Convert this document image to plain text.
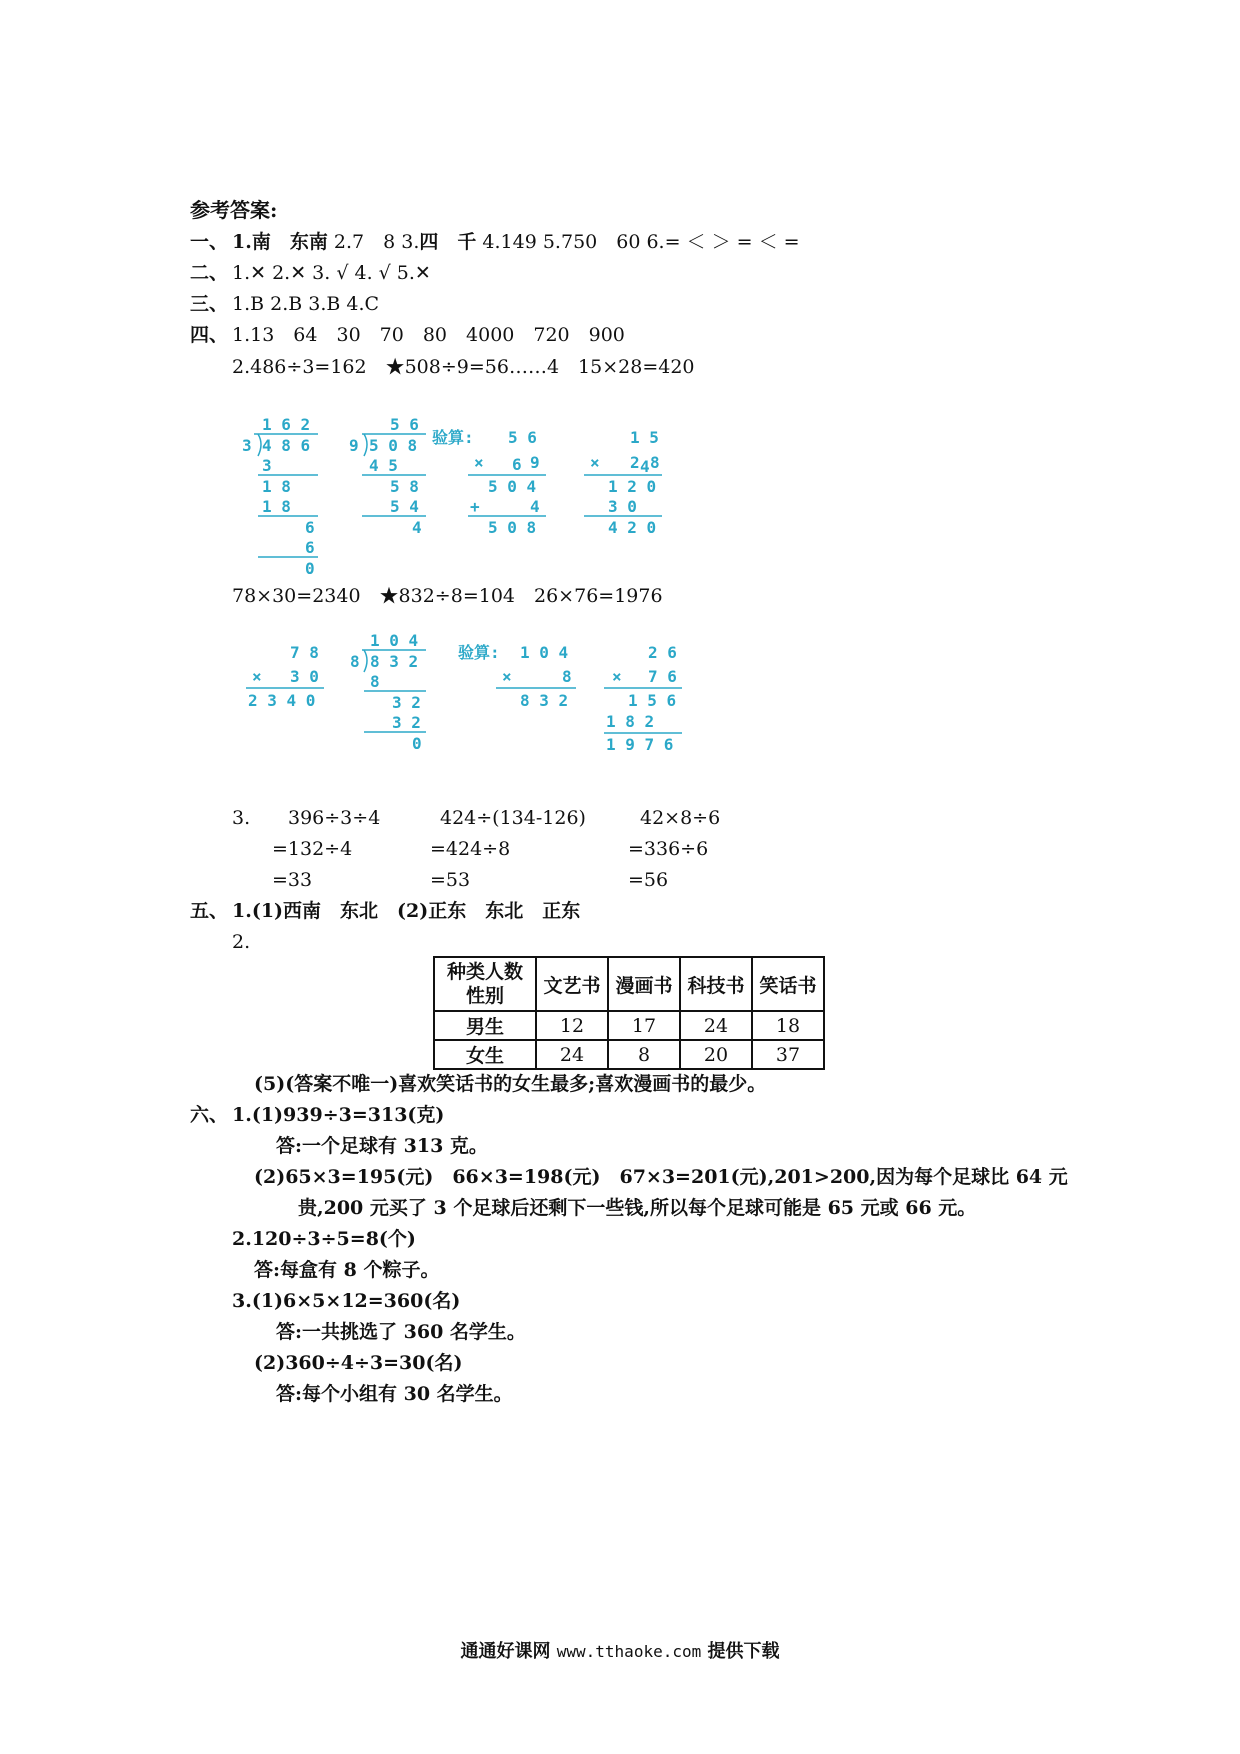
参考答案:
一、 1.南　东南 2.7　8 3.四　千 4.149 5.750　60 6.= ＜ ＞ = ＜ =
二、 1.✕ 2.✕ 3. √ 4. √ 5.✕
三、 1.B 2.B 3.B 4.C
四、 1.13　64　30　70　80　4000　720　900
2.486÷3=162　★508÷9=56……4　15×28=420
1 6 2
3 4 8 6
3
1 8
1 8
6
6
0
5 6
9 5 0 8
4 5
5 8
5 4
4
验算: 5 6
× 6 9
5 0 4
+	4
5 0 8
1 5
× 2 4 8
1 2 0
3 0
4 2 0
7 8
× 3 0
2 3 4 0
1 0 4
8 8 3 2
8
3 2
3 2
0
验算: 1 0 4
×	8
8 3 2
2 6
× 7 6
1 5 6
1 8 2
1 9 7 6
78×30=2340　★832÷8=104　26×76=1976
3. 396÷3÷4
=132÷4
=33
424÷(134-126)
=424÷8
=53
42×8÷6
=336÷6
=56
五、 1.(1)西南　东北　(2)正东　东北　正东
2.
种类人数
性别	文艺书	漫画书	科技书	笑话书
男生	12	17	24	18
女生	24	8	20	37
(5)(答案不唯一)喜欢笑话书的女生最多;喜欢漫画书的最少。
六、 1.(1)939÷3=313(克)
答:一个足球有 313 克。
(2)65×3=195(元)　66×3=198(元)　67×3=201(元),201>200,因为每个足球比 64 元
贵,200 元买了 3 个足球后还剩下一些钱,所以每个足球可能是 65 元或 66 元。
2.120÷3÷5=8(个)
答:每盒有 8 个粽子。
3.(1)6×5×12=360(名)
答:一共挑选了 360 名学生。
(2)360÷4÷3=30(名)
答:每个小组有 30 名学生。
通通好课网 www.tthaoke.com 提供下载
